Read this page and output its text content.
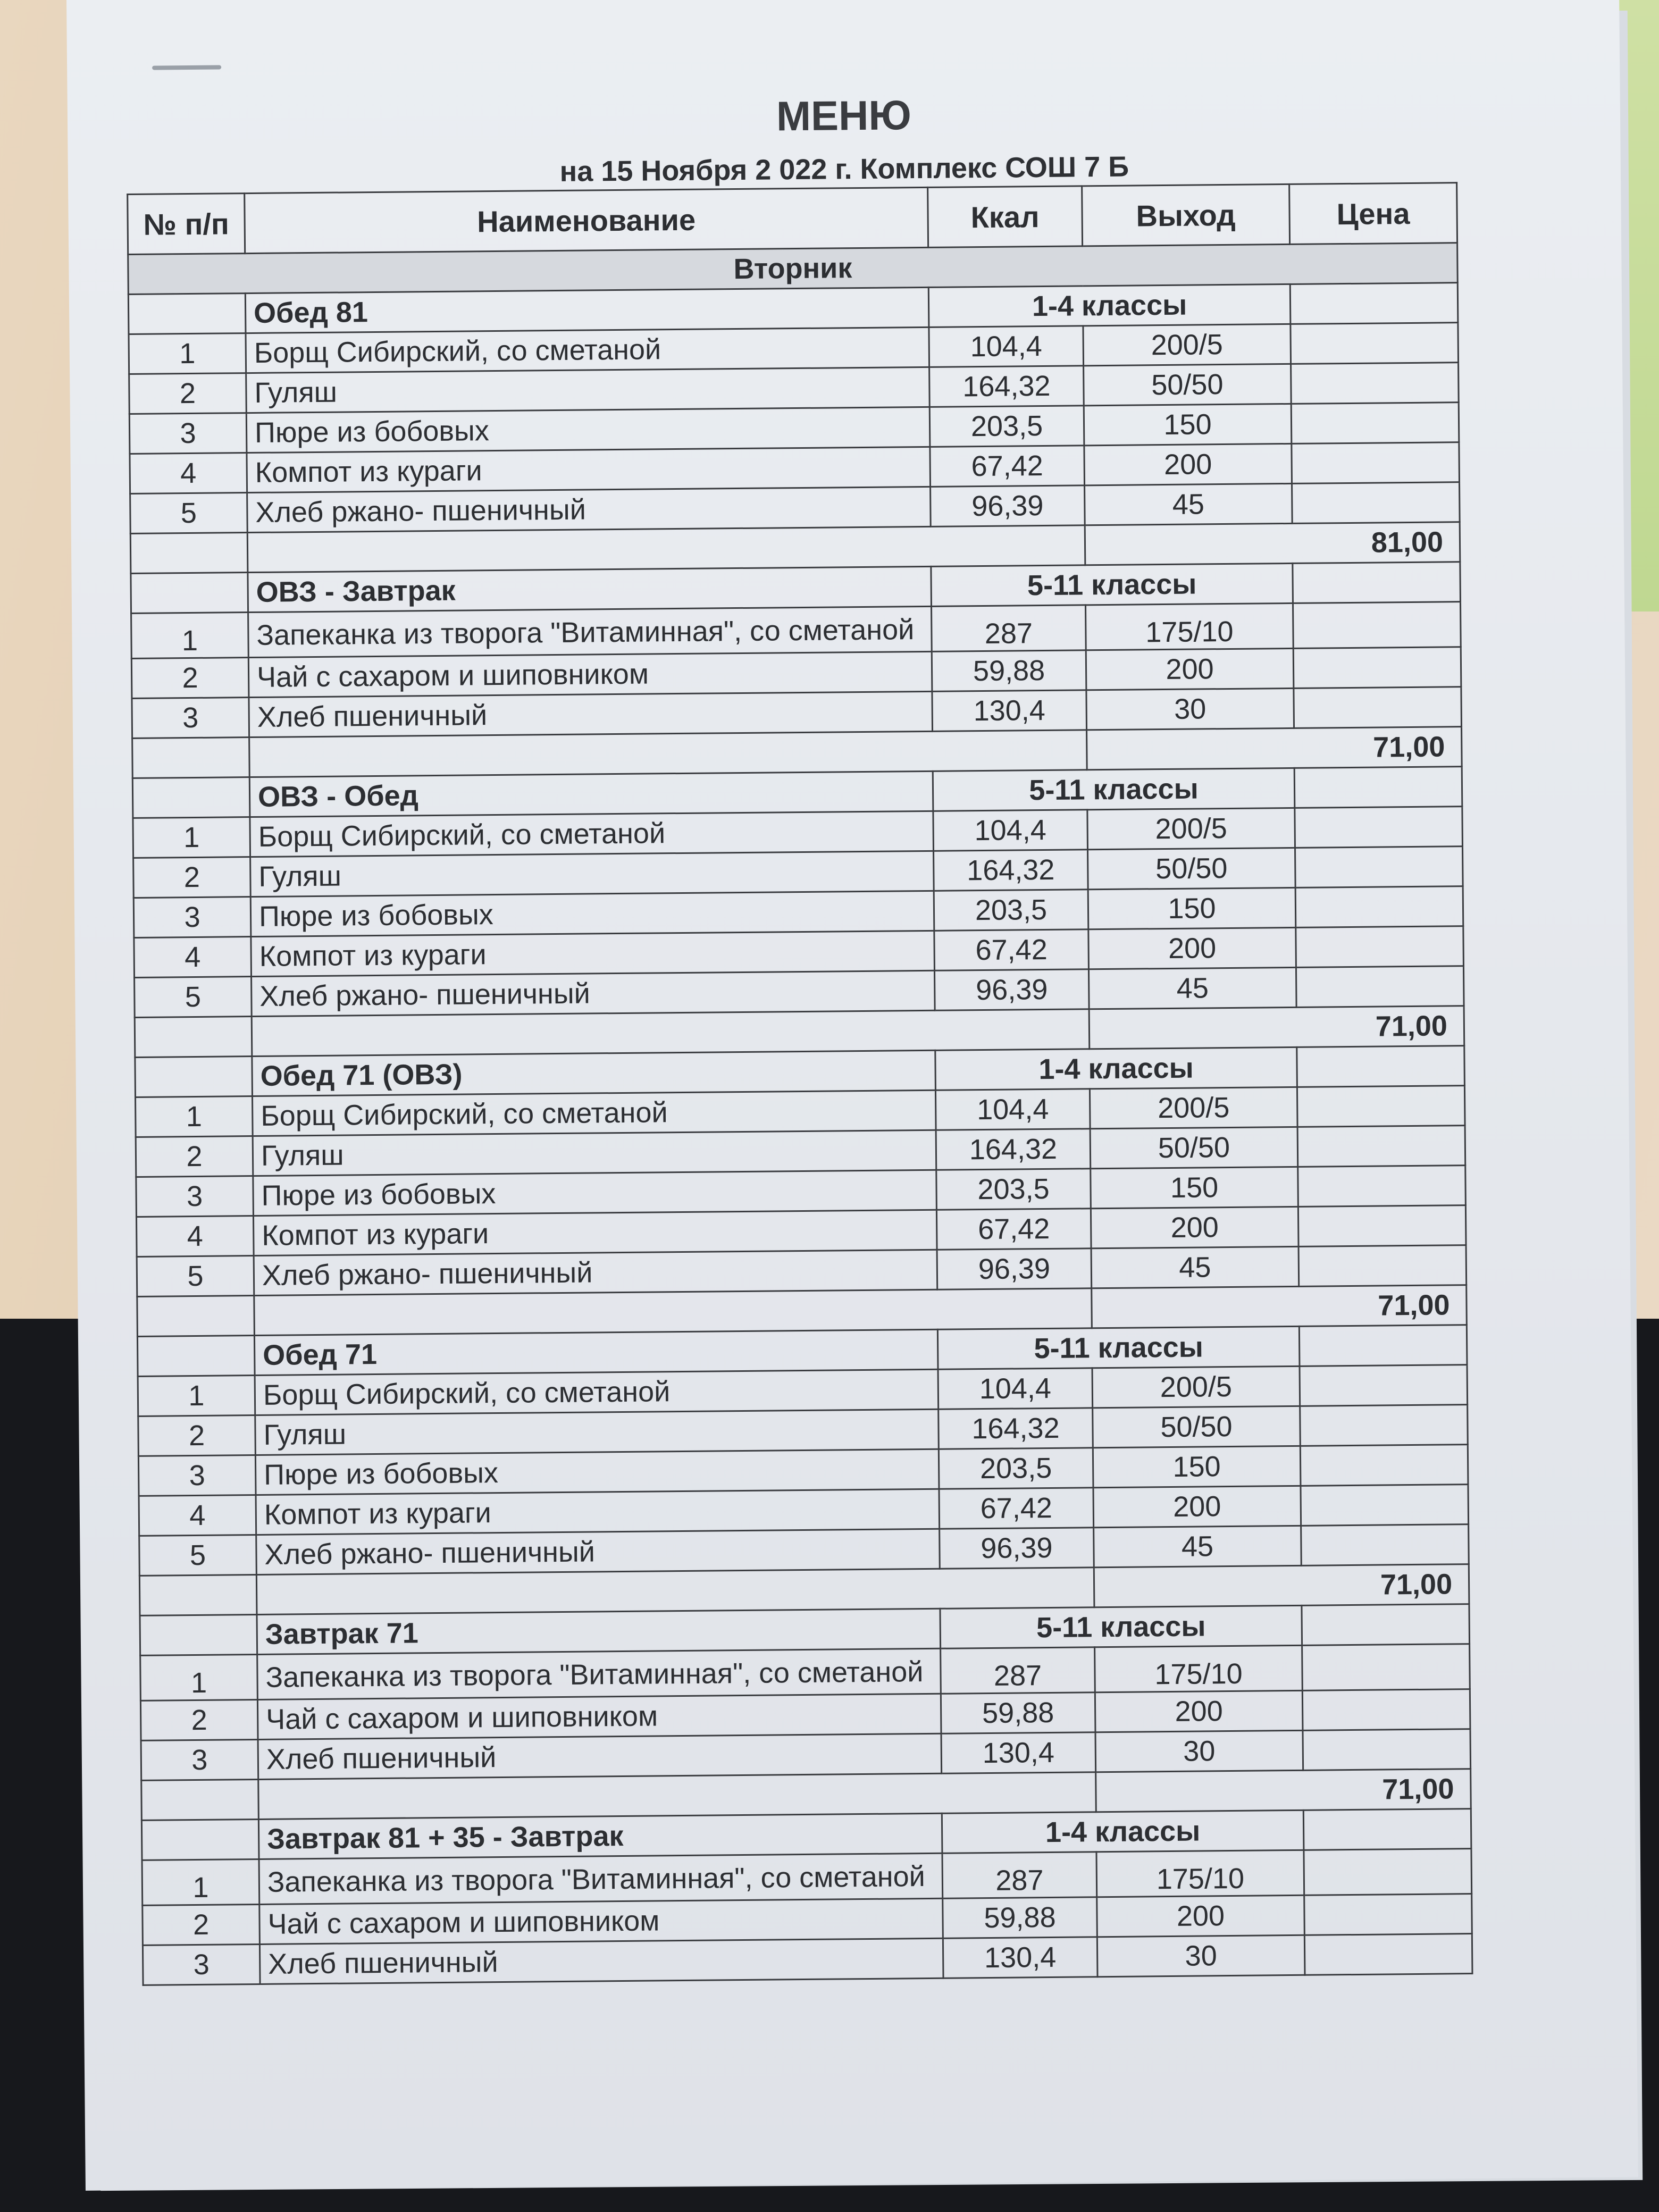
МЕНЮ
на 15 Ноября 2 022 г. Комплекс СОШ 7 Б
№ п/п	Наименование	Ккал	Выход	Цена
Вторник				
	Обед 81	1-4 классы		
1	Борщ Сибирский, со сметаной	104,4	200/5	
2	Гуляш	164,32	50/50	
3	Пюре из бобовых	203,5	150	
4	Компот из кураги	67,42	200	
5	Хлеб ржано- пшеничный	96,39	45	
			81,00	
	ОВЗ - Завтрак	5-11 классы		
1	Запеканка из творога "Витаминная", со сметаной	287	175/10	
2	Чай с сахаром и шиповником	59,88	200	
3	Хлеб пшеничный	130,4	30	
			71,00	
	ОВЗ - Обед	5-11 классы		
1	Борщ Сибирский, со сметаной	104,4	200/5	
2	Гуляш	164,32	50/50	
3	Пюре из бобовых	203,5	150	
4	Компот из кураги	67,42	200	
5	Хлеб ржано- пшеничный	96,39	45	
			71,00	
	Обед 71 (ОВЗ)	1-4 классы		
1	Борщ Сибирский, со сметаной	104,4	200/5	
2	Гуляш	164,32	50/50	
3	Пюре из бобовых	203,5	150	
4	Компот из кураги	67,42	200	
5	Хлеб ржано- пшеничный	96,39	45	
			71,00	
	Обед 71	5-11 классы		
1	Борщ Сибирский, со сметаной	104,4	200/5	
2	Гуляш	164,32	50/50	
3	Пюре из бобовых	203,5	150	
4	Компот из кураги	67,42	200	
5	Хлеб ржано- пшеничный	96,39	45	
			71,00	
	Завтрак 71	5-11 классы		
1	Запеканка из творога "Витаминная", со сметаной	287	175/10	
2	Чай с сахаром и шиповником	59,88	200	
3	Хлеб пшеничный	130,4	30	
			71,00	
	Завтрак 81 + 35 - Завтрак	1-4 классы		
1	Запеканка из творога "Витаминная", со сметаной	287	175/10	
2	Чай с сахаром и шиповником	59,88	200	
3	Хлеб пшеничный	130,4	30	
